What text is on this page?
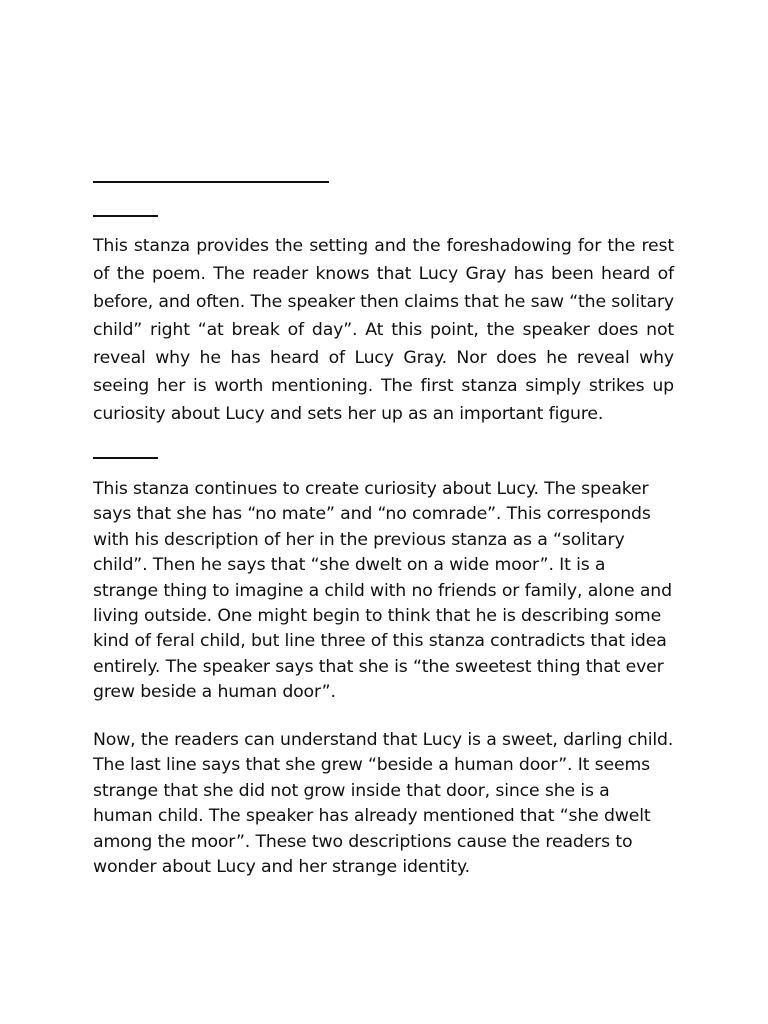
This stanza provides the setting and the foreshadowing for the rest of the poem. The reader knows that Lucy Gray has been heard of before, and often. The speaker then claims that he saw “the solitary child” right “at break of day”. At this point, the speaker does not reveal why he has heard of Lucy Gray. Nor does he reveal why seeing her is worth mentioning. The first stanza simply strikes up curiosity about Lucy and sets her up as an important figure.

This stanza continues to create curiosity about Lucy. The speaker says that she has “no mate” and “no comrade”. This corresponds with his description of her in the previous stanza as a “solitary child”. Then he says that “she dwelt on a wide moor”. It is a strange thing to imagine a child with no friends or family, alone and living outside. One might begin to think that he is describing some kind of feral child, but line three of this stanza contradicts that idea entirely. The speaker says that she is “the sweetest thing that ever grew beside a human door”.

Now, the readers can understand that Lucy is a sweet, darling child. The last line says that she grew “beside a human door”. It seems strange that she did not grow inside that door, since she is a human child. The speaker has already mentioned that “she dwelt among the moor”. These two descriptions cause the readers to wonder about Lucy and her strange identity.
